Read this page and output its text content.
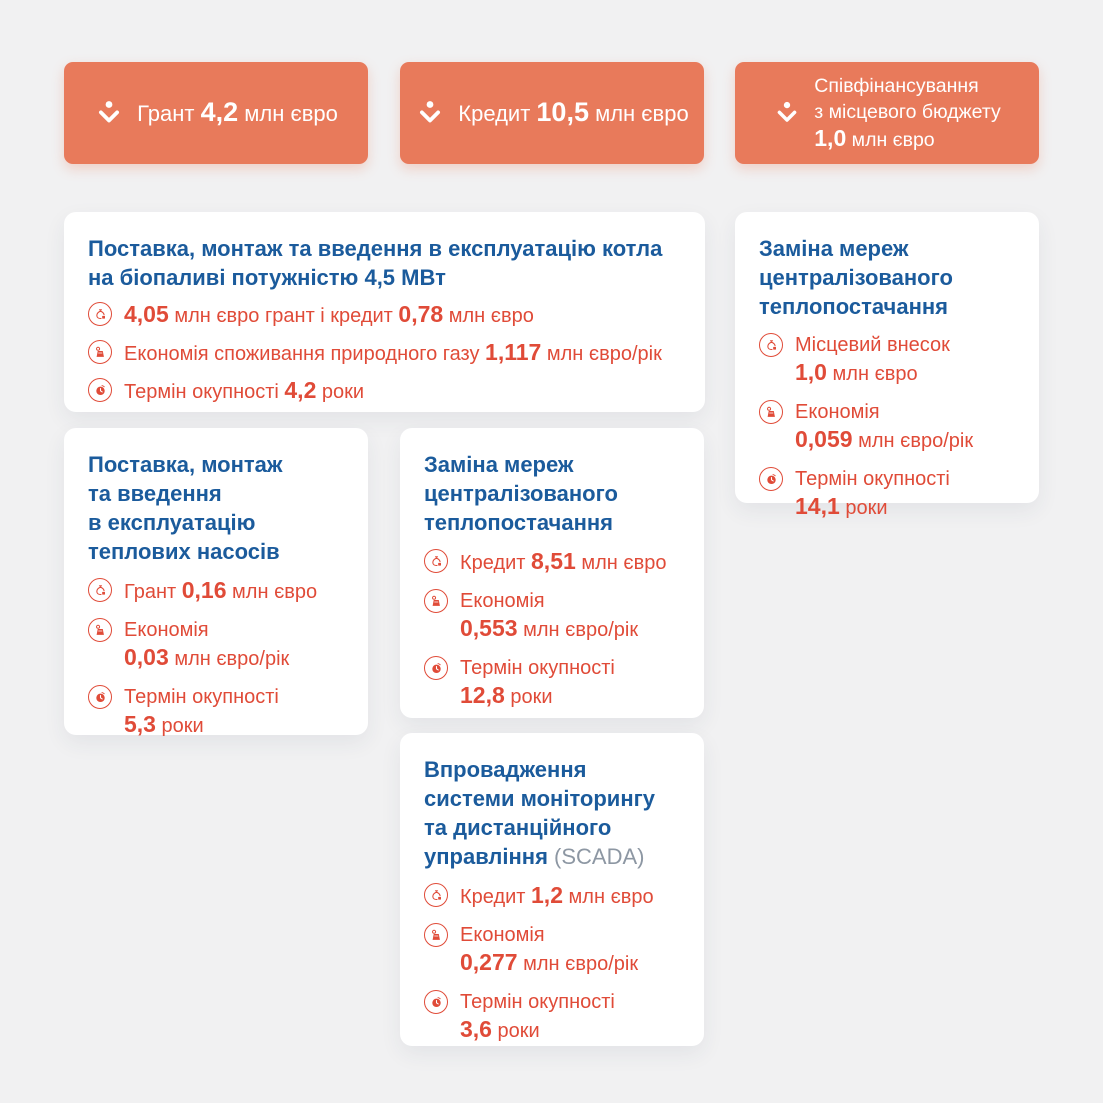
Грант 4,2 млн євро	Кредит 10,5 млн євро
Співфінансування
з місцевого бюджету
1,0 млн євро
Поставка, монтаж та введення в експлуатацію котла
на біопаливі потужністю 4,5 МВт
4,05 млн євро грант і кредит 0,78 млн євро
Економія споживання природного газу 1,117 млн євро/рік
Термін окупності 4,2 роки
Заміна мереж
централізованого
теплопостачання
Місцевий внесок
1,0 млн євро
Економія
0,059 млн євро/рік
Термін окупності
14,1 роки
Поставка, монтаж
та введення
в експлуатацію
теплових насосів
Грант 0,16 млн євро
Економія
0,03 млн євро/рік
Термін окупності
5,3 роки
Заміна мереж
централізованого
теплопостачання
Кредит 8,51 млн євро
Економія
0,553 млн євро/рік
Термін окупності
12,8 роки
Впровадження
системи моніторингу
та дистанційного
управління (SCADA)
Кредит 1,2 млн євро
Економія
0,277 млн євро/рік
Термін окупності
3,6 роки
